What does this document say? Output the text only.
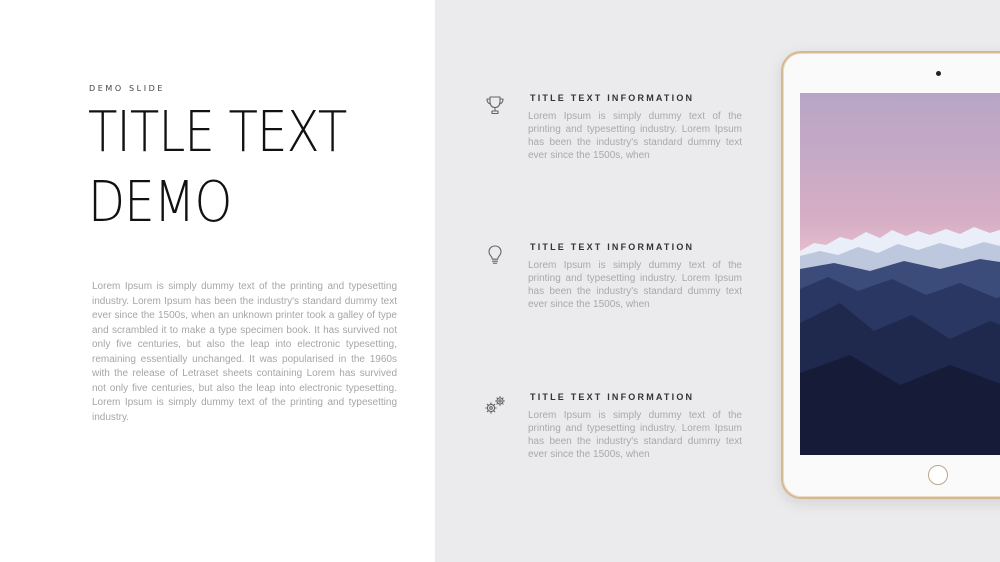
DEMO SLIDE
TITLE TEXT
DEMO
Lorem Ipsum is simply dummy text of the printing and typesetting industry. Lorem Ipsum has been the industry's standard dummy text ever since the 1500s, when an unknown printer took a galley of type and scrambled it to make a type specimen book. It has survived not only five centuries, but also the leap into electronic typesetting, remaining essentially unchanged. It was popularised in the 1960s with the release of Letraset sheets containing Lorem has survived not only five centuries, but also the leap into electronic typesetting. Lorem Ipsum is simply dummy text of the printing and typesetting industry.
TITLE TEXT INFORMATION
Lorem Ipsum is simply dummy text of the printing and typesetting industry. Lorem Ipsum has been the industry's standard dummy text ever since the 1500s, when
TITLE TEXT INFORMATION
Lorem Ipsum is simply dummy text of the printing and typesetting industry. Lorem Ipsum has been the industry's standard dummy text ever since the 1500s, when
TITLE TEXT INFORMATION
Lorem Ipsum is simply dummy text of the printing and typesetting industry. Lorem Ipsum has been the industry's standard dummy text ever since the 1500s, when
